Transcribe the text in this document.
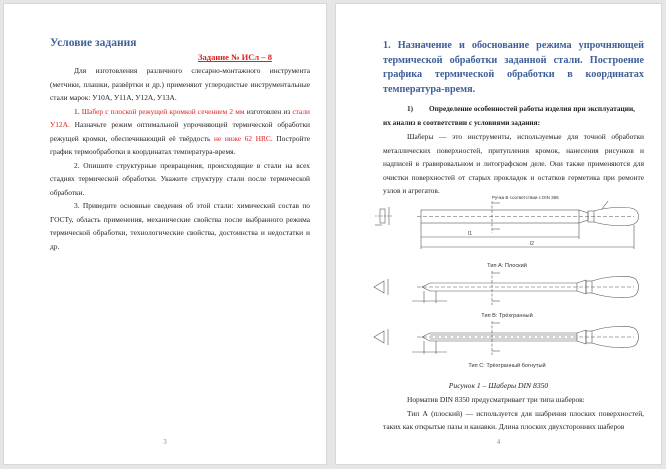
Условие задания
Задание № ИСл – 8

Для изготовления различного слесарно-монтажного инструмента (метчики, плашки, развёртки и др.) применяют углеродистые инструментальные стали марок: У10А, У11А, У12А, У13А.

1. Шабер с плоской режущей кромкой сечением 2 мм изготовлен из стали У12А. Назначьте режим оптимальной упрочняющей термической обработки режущей кромки, обеспечивающий её твёрдость не ниже 62 HRC. Постройте график термообработки в координатах температура-время.

2. Опишите структурные превращения, происходящие в стали на всех стадиях термической обработки. Укажите структуру стали после термической обработки.

3. Приведите основные сведения об этой стали: химический состав по ГОСТу, область применения, механические свойства после выбранного режима термической обработки, технологические свойства, достоинства и недостатки и др.

3
1. Назначение и обоснование режима упрочняющей термической обработки заданной стали. Построение графика термической обработки в координатах температура-время.
1) Определение особенностей работы изделия при эксплуатации, их анализ в соответствии с условиями задания:

Шаберы — это инструменты, используемые для точной обработки металлических поверхностей, притупления кромок, нанесения рисунков и надписей в гравировальном и литографском деле. Они также применяются для очистки поверхностей от старых прокладок и остатков герметика при ремонте узлов и агрегатов.

Ручка В соответствии с DIN 395
l1
l2
Тип А: Плоский
Тип В: Трёхгранный
Тип С: Трёхгранный богнутый
Рисунок 1 – Шаберы DIN 8350

Норматив DIN 8350 предусматривает три типа шаберов:

Тип А (плоский) — используется для шабрения плоских поверхностей, таких как открытые пазы и канавки. Длина плоских двухсторонних шаберов

4
